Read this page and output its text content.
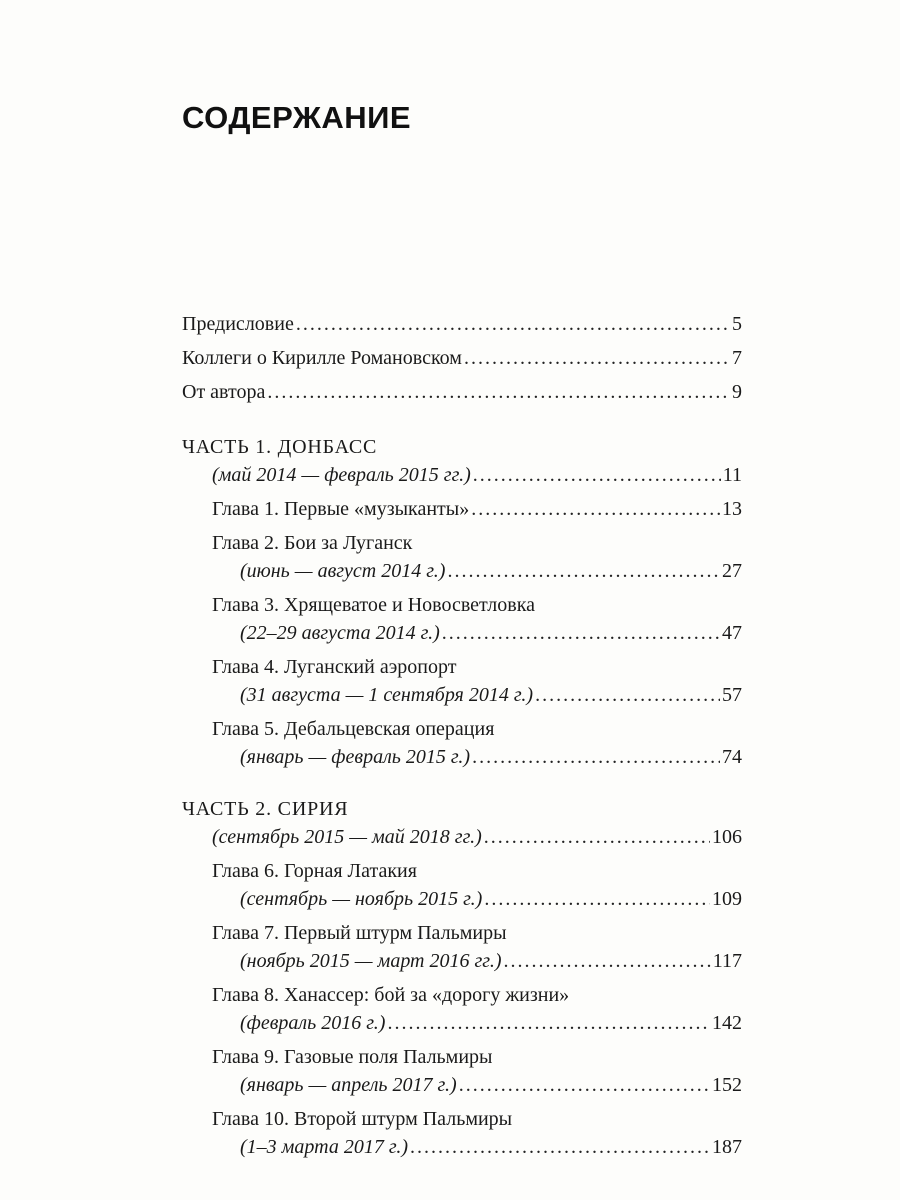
СОДЕРЖАНИЕ
Предисловие .....	5
Коллеги о Кирилле Романовском .....	7
От автора .....	9
ЧАСТЬ 1. ДОНБАСС
(май 2014 — февраль 2015 гг.) .....	11
Глава 1. Первые «музыканты» .....	13
Глава 2. Бои за Луганск
(июнь — август 2014 г.) .....	27
Глава 3. Хрящеватое и Новосветловка
(22–29 августа 2014 г.) .....	47
Глава 4. Луганский аэропорт
(31 августа — 1 сентября 2014 г.) .....	57
Глава 5. Дебальцевская операция
(январь — февраль 2015 г.) .....	74
ЧАСТЬ 2. СИРИЯ
(сентябрь 2015 — май 2018 гг.) .....	106
Глава 6. Горная Латакия
(сентябрь — ноябрь 2015 г.) .....	109
Глава 7. Первый штурм Пальмиры
(ноябрь 2015 — март 2016 гг.) .....	117
Глава 8. Ханассер: бой за «дорогу жизни»
(февраль 2016 г.) .....	142
Глава 9. Газовые поля Пальмиры
(январь — апрель 2017 г.) .....	152
Глава 10. Второй штурм Пальмиры
(1–3 марта 2017 г.) .....	187
